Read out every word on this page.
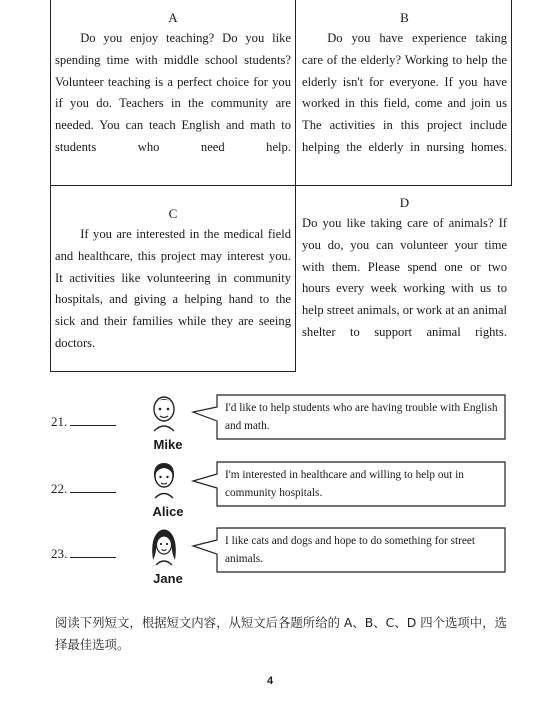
A
Do you enjoy teaching? Do you like spending time with middle school students? Volunteer teaching is a perfect choice for you if you do. Teachers in the community are needed. You can teach English and math to students who need help.
B
Do you have experience taking care of the elderly? Working to help the elderly isn't for everyone. If you have worked in this field, come and join us The activities in this project include helping the elderly in nursing homes.
C
If you are interested in the medical field and healthcare, this project may interest you. It activities like volunteering in community hospitals, and giving a helping hand to the sick and their families while they are seeing doctors.
D
Do you like taking care of animals? If you do, you can volunteer your time with them. Please spend one or two hours every week working with us to help street animals, or work at an animal shelter to support animal rights.
21.
Mike
I'd like to help students who are having trouble with English and math.
22.
Alice
I'm interested in healthcare and willing to help out in community hospitals.
23.
Jane
I like cats and dogs and hope to do something for street animals.
阅读下列短文，根据短文内容，从短文后各题所给的 A、B、C、D 四个选项中，选择最佳选项。
4
